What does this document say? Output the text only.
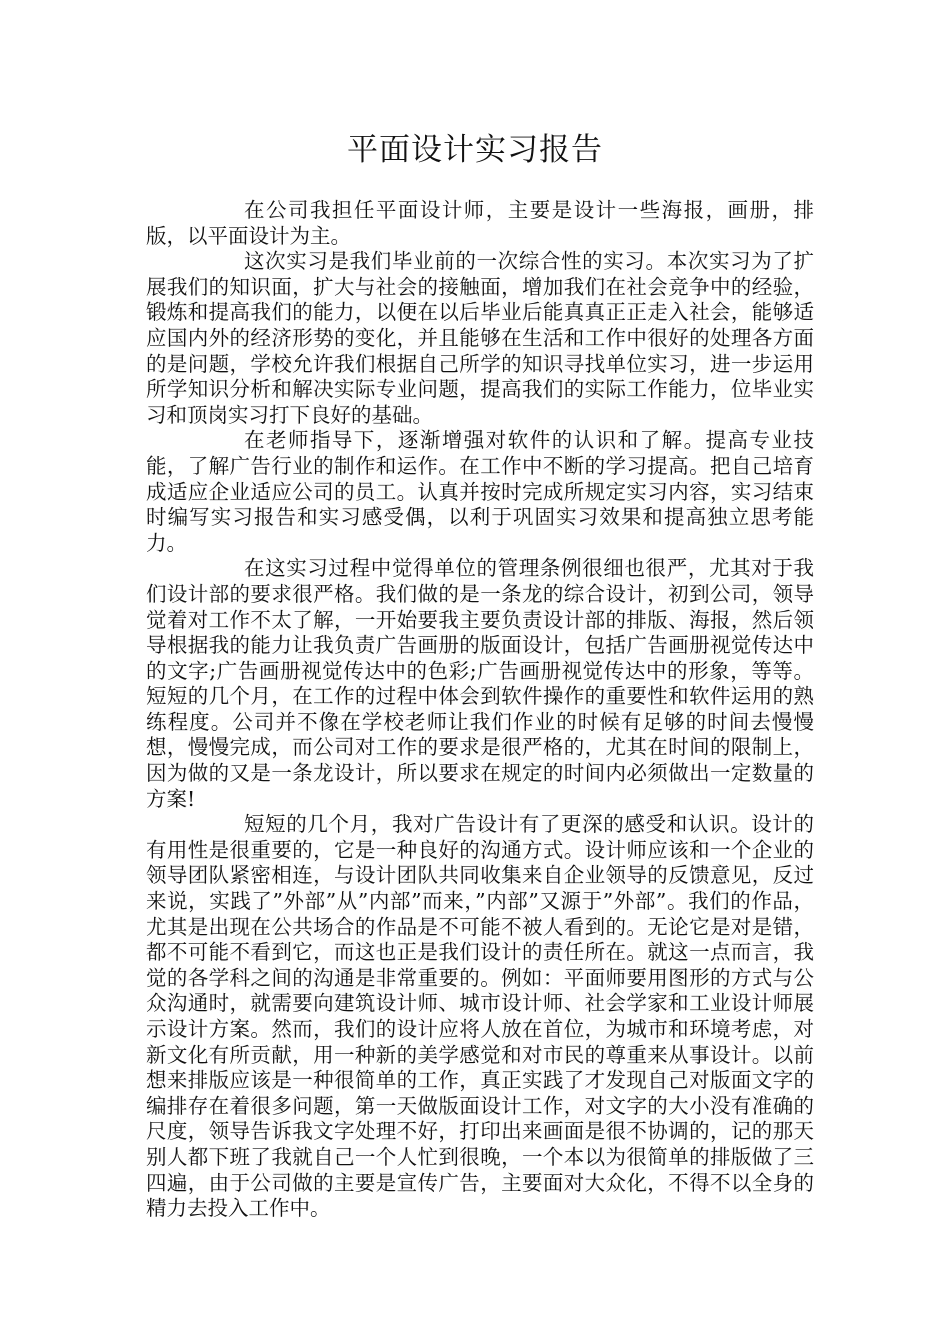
平面设计实习报告

在公司我担任平面设计师，主要是设计一些海报，画册，排版，以平面设计为主。

这次实习是我们毕业前的一次综合性的实习。本次实习为了扩展我们的知识面，扩大与社会的接触面，增加我们在社会竞争中的经验，锻炼和提高我们的能力，以便在以后毕业后能真真正正走入社会，能够适应国内外的经济形势的变化，并且能够在生活和工作中很好的处理各方面的是问题，学校允许我们根据自己所学的知识寻找单位实习，进一步运用所学知识分析和解决实际专业问题，提高我们的实际工作能力，位毕业实习和顶岗实习打下良好的基础。

在老师指导下，逐渐增强对软件的认识和了解。提高专业技能，了解广告行业的制作和运作。在工作中不断的学习提高。把自己培育成适应企业适应公司的员工。认真并按时完成所规定实习内容，实习结束时编写实习报告和实习感受偶，以利于巩固实习效果和提高独立思考能力。

在这实习过程中觉得单位的管理条例很细也很严，尤其对于我们设计部的要求很严格。我们做的是一条龙的综合设计，初到公司，领导觉着对工作不太了解，一开始要我主要负责设计部的排版、海报，然后领导根据我的能力让我负责广告画册的版面设计，包括广告画册视觉传达中的文字;广告画册视觉传达中的色彩;广告画册视觉传达中的形象，等等。短短的几个月，在工作的过程中体会到软件操作的重要性和软件运用的熟练程度。公司并不像在学校老师让我们作业的时候有足够的时间去慢慢想，慢慢完成，而公司对工作的要求是很严格的，尤其在时间的限制上，因为做的又是一条龙设计，所以要求在规定的时间内必须做出一定数量的方案!

短短的几个月，我对广告设计有了更深的感受和认识。设计的有用性是很重要的，它是一种良好的沟通方式。设计师应该和一个企业的领导团队紧密相连，与设计团队共同收集来自企业领导的反馈意见，反过来说，实践了”外部”从”内部”而来，”内部”又源于”外部”。我们的作品，尤其是出现在公共场合的作品是不可能不被人看到的。无论它是对是错，都不可能不看到它，而这也正是我们设计的责任所在。就这一点而言，我觉的各学科之间的沟通是非常重要的。例如：平面师要用图形的方式与公众沟通时，就需要向建筑设计师、城市设计师、社会学家和工业设计师展示设计方案。然而，我们的设计应将人放在首位，为城市和环境考虑，对新文化有所贡献，用一种新的美学感觉和对市民的尊重来从事设计。以前想来排版应该是一种很简单的工作，真正实践了才发现自己对版面文字的编排存在着很多问题，第一天做版面设计工作，对文字的大小没有准确的尺度，领导告诉我文字处理不好，打印出来画面是很不协调的，记的那天别人都下班了我就自己一个人忙到很晚，一个本以为很简单的排版做了三四遍，由于公司做的主要是宣传广告，主要面对大众化，不得不以全身的精力去投入工作中。
